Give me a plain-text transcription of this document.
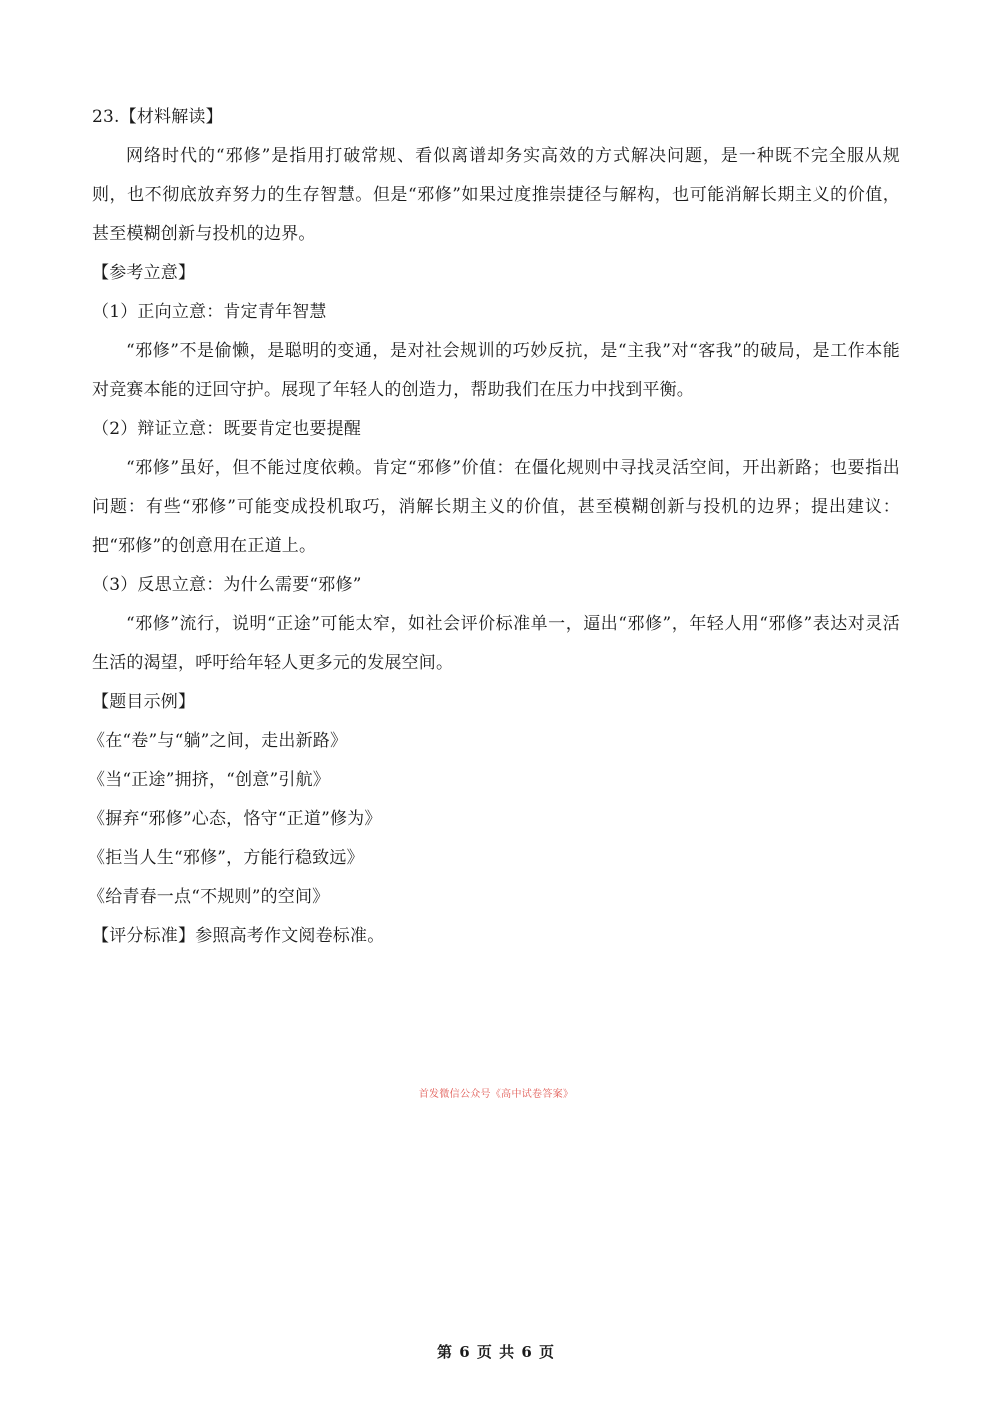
23.【材料解读】

网络时代的“邪修”是指用打破常规、看似离谱却务实高效的方式解决问题，是一种既不完全服从规则，也不彻底放弃努力的生存智慧。但是“邪修”如果过度推崇捷径与解构，也可能消解长期主义的价值，甚至模糊创新与投机的边界。

【参考立意】

（1）正向立意：肯定青年智慧

“邪修”不是偷懒，是聪明的变通，是对社会规训的巧妙反抗，是“主我”对“客我”的破局，是工作本能对竞赛本能的迂回守护。展现了年轻人的创造力，帮助我们在压力中找到平衡。

（2）辩证立意：既要肯定也要提醒

“邪修”虽好，但不能过度依赖。肯定“邪修”价值：在僵化规则中寻找灵活空间，开出新路；也要指出问题：有些“邪修”可能变成投机取巧，消解长期主义的价值，甚至模糊创新与投机的边界；提出建议：把“邪修”的创意用在正道上。

（3）反思立意：为什么需要“邪修”

“邪修”流行，说明“正途”可能太窄，如社会评价标准单一，逼出“邪修”，年轻人用“邪修”表达对灵活生活的渴望，呼吁给年轻人更多元的发展空间。

【题目示例】

《在“卷”与“躺”之间，走出新路》

《当“正途”拥挤，“创意”引航》

《摒弃“邪修”心态，恪守“正道”修为》

《拒当人生“邪修”，方能行稳致远》

《给青春一点“不规则”的空间》

【评分标准】参照高考作文阅卷标准。

首发微信公众号《高中试卷答案》
第 6 页 共 6 页
